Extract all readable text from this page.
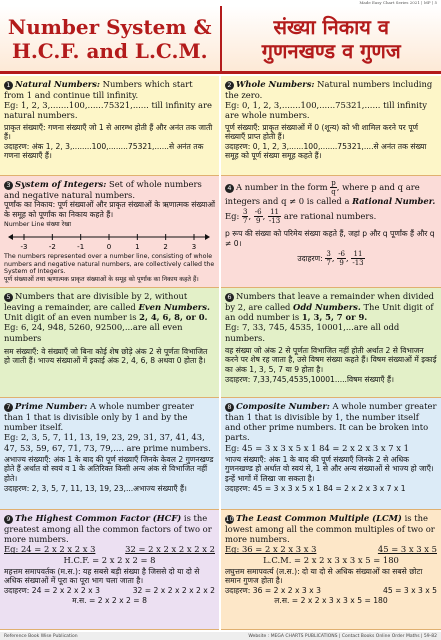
Made Easy Chart Series 2021 | MP | 5
Number System &
H.C.F. and L.C.M.
संख्या निकाय व
गुणनखण्ड व गुणज
1 Natural Numbers: Numbers which start from 1 and continue till infinity.
Eg: 1, 2, 3,.......100,......75321,...... till infinity are natural numbers.
प्राकृत संख्याएँ: गणना संख्याएँ जो 1 से आरम्भ होती हैं और अनंत तक जाती हैं।
उदाहरण: अंक 1, 2, 3,........100,........75321,......से अनंत तक गणना संख्याएँ हैं।
2 Whole Numbers: Natural numbers including the zero.
Eg: 0, 1, 2, 3,.......100,......75321,...... till infinity are whole numbers.
पूर्ण संख्याएँ: प्राकृत संख्याओं में 0 (शून्य) को भी शामिल करने पर पूर्ण संख्याएँ प्राप्त होती हैं।
उदाहरण: 0, 1, 2, 3,......100,.......75321,....से अनंत तक संख्या समूह को पूर्ण संख्या समूह कहते हैं।
3 System of Integers: Set of whole numbers and negative natural numbers.
पूर्णांक का निकाय: पूर्ण संख्याओं और प्राकृत संख्याओं के ऋणात्मक संख्याओं के समूह को पूर्णांक का निकाय कहते हैं।
Number Line संख्या रेखा
-3	-2	-1	0	1	2	3
The numbers represented over a number line, consisting of whole numbers and negative natural numbers, are collectively called the System of Integers.
पूर्ण संख्याओं तथा ऋणात्मक प्राकृत संख्याओं के समूह को पूर्णांक का निकाय कहते हैं।
4 A number in the form $\frac{p}{q}$ , where p and q are integers and q ≠ 0 is called a Rational Number.
Eg: $\frac{3}{7}$ , $\frac{-6}{9}$ , $\frac{11}{-13}$ are rational numbers.
p रूप की संख्या को परिमेय संख्या कहते हैं, जहां p और q पूर्णांक हैं और q ≠ 0।
उदाहरण: $\frac{3}{7}$ , $\frac{-6}{9}$ , $\frac{11}{-13}$
5 Numbers that are divisible by 2, without leaving a remainder, are called Even Numbers. Unit digit of an even number is 2, 4, 6, 8, or 0.
Eg: 6, 24, 948, 5260, 92500,...are all even numbers
सम संख्याएँ: वे संख्याएँ जो बिना कोई शेष छोड़े अंक 2 से पूर्णतः विभाजित हो जाती हैं। भाज्य संख्याओं में इकाई अंक 2, 4, 6, 8 अथवा 0 होता है।
6 Numbers that leave a remainder when divided by 2, are called Odd Numbers. The Unit digit of an odd number is 1, 3, 5, 7 or 9.
Eg: 7, 33, 745, 4535, 10001,...are all odd numbers.
वह संख्या जो अंक 2 से पूर्णतः विभाजित नहीं होती अर्थात 2 से विभाजन करने पर शेष रह जाता है, उसे विषम संख्या कहते हैं। विषम संख्याओं में इकाई का अंक 1, 3, 5, 7 या 9 होता है।
उदाहरण: 7,33,745,4535,10001.....विषम संख्याएँ हैं।
7 Prime Number: A whole number greater than 1 that is divisible only by 1 and by the number itself.
Eg: 2, 3, 5, 7, 11, 13, 19, 23, 29, 31, 37, 41, 43, 47, 53, 59, 67, 71, 73, 79,.... are prime numbers.
अभाज्य संख्याएँ: अंक 1 के बाद की पूर्ण संख्याएँ जिनके केवल 2 गुणनखण्ड होते हैं अर्थात वो स्वयं व 1 के अतिरिक्त किसी अन्य अंक से विभाजित नहीं होते।
उदाहरण: 2, 3, 5, 7, 11, 13, 19, 23,...अभाज्य संख्याएँ हैं।
8 Composite Number: A whole number greater than 1 that is divisible by 1, the number itself and other prime numbers. It can be broken into parts.
Eg: 45 = 3 x 3 x 5 x 1 84 = 2 x 2 x 3 x 7 x 1
भाज्य संख्याएँ: अंक 1 के बाद की पूर्ण संख्याएँ जिनके 2 से अधिक गुणनखण्ड हो अर्थात वो स्वयं से, 1 से और अन्य संख्याओं से भाज्य हो जाएँ। इन्हें भागों में लिखा जा सकता है।
उदाहरण: 45 = 3 x 3 x 5 x 1 84 = 2 x 2 x 3 x 7 x 1
9 The Highest Common Factor (HCF) is the greatest among all the common factors of two or more numbers.
Eg: 24 = 2 x 2 x 2 x 3	32 = 2 x 2 x 2 x 2 x 2
H.C.F. = 2 x 2 x 2 = 8
महत्तम समापवर्तक (म.स.): यह सबसे बड़ी संख्या है जिससे दो या दो से अधिक संख्याओं में पूरा का पूरा भाग चला जाता है।
उदाहरण: 24 = 2 x 2 x 2 x 3	32 = 2 x 2 x 2 x 2 x 2
म.स. = 2 x 2 x 2 = 8
10 The Least Common Multiple (LCM) is the lowest among all the common multiples of two or more numbers.
Eg: 36 = 2 x 2 x 3 x 3	45 = 3 x 3 x 5
L.C.M. = 2 x 2 x 3 x 3 x 5 = 180
लघुत्तम समापवर्त्य (ल.स.): दो या दो से अधिक संख्याओं का सबसे छोटा समान गुणज होता है।
उदाहरण: 36 = 2 x 2 x 3 x 3	45 = 3 x 3 x 5
ल.स. = 2 x 2 x 3 x 3 x 5 = 180
Reference Book Wise Publication	Website : MEGA CHARTS PUBLICATIONS | Contact Books Online Order Maths | 59-82
